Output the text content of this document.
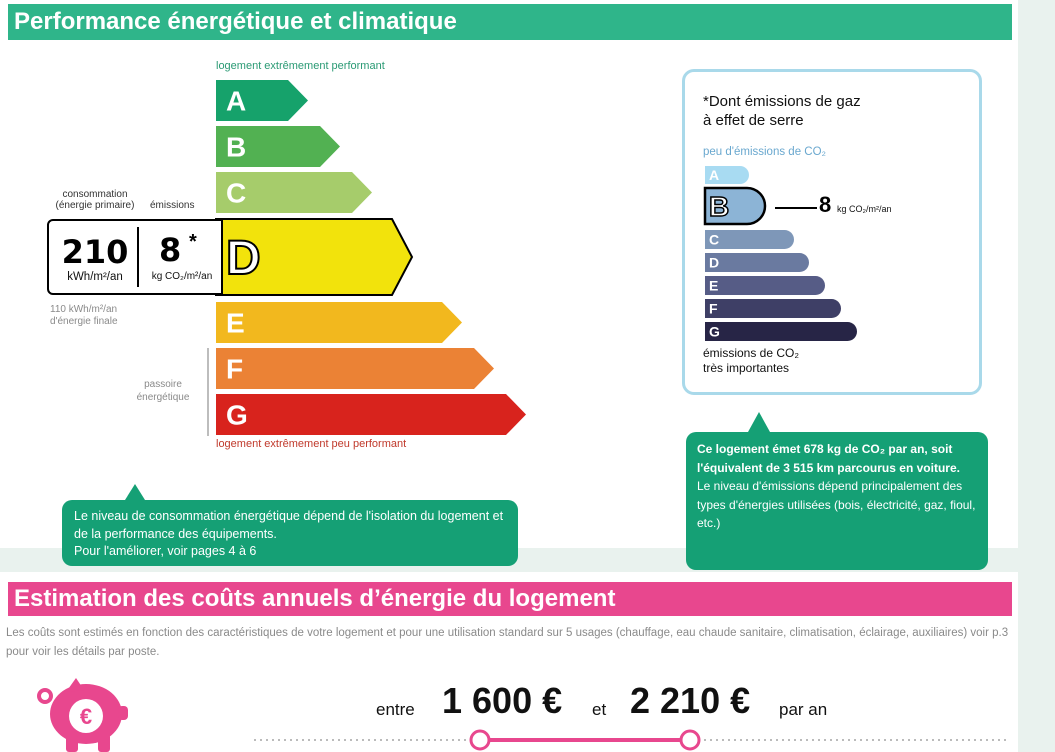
Performance énergétique et climatique
logement extrêmement performant
A
B
C
D
E
F
G
logement extrêmement peu performant
consommation
(énergie primaire)	émissions
210
kWh/m²/an
8 *
kg CO₂/m²/an
110 kWh/m²/an
d'énergie finale
passoire
énergétique
Le niveau de consommation énergétique dépend de l'isolation du logement et de la performance des équipements.
Pour l'améliorer, voir pages 4 à 6
*Dont émissions de gaz
à effet de serre
peu d'émissions de CO₂
A
B
C
D
E
F
G
8 kg CO₂/m²/an
émissions de CO₂
très importantes
Ce logement émet 678 kg de CO₂ par an, soit l'équivalent de 3 515 km parcourus en voiture.
Le niveau d'émissions dépend principalement des types d'énergies utilisées (bois, électricité, gaz, fioul, etc.)
Estimation des coûts annuels d’énergie du logement
Les coûts sont estimés en fonction des caractéristiques de votre logement et pour une utilisation standard sur 5 usages (chauffage, eau chaude sanitaire, climatisation, éclairage, auxiliaires) voir p.3 pour voir les détails par poste.
€	entre 1 600 € et 2 210 € par an
